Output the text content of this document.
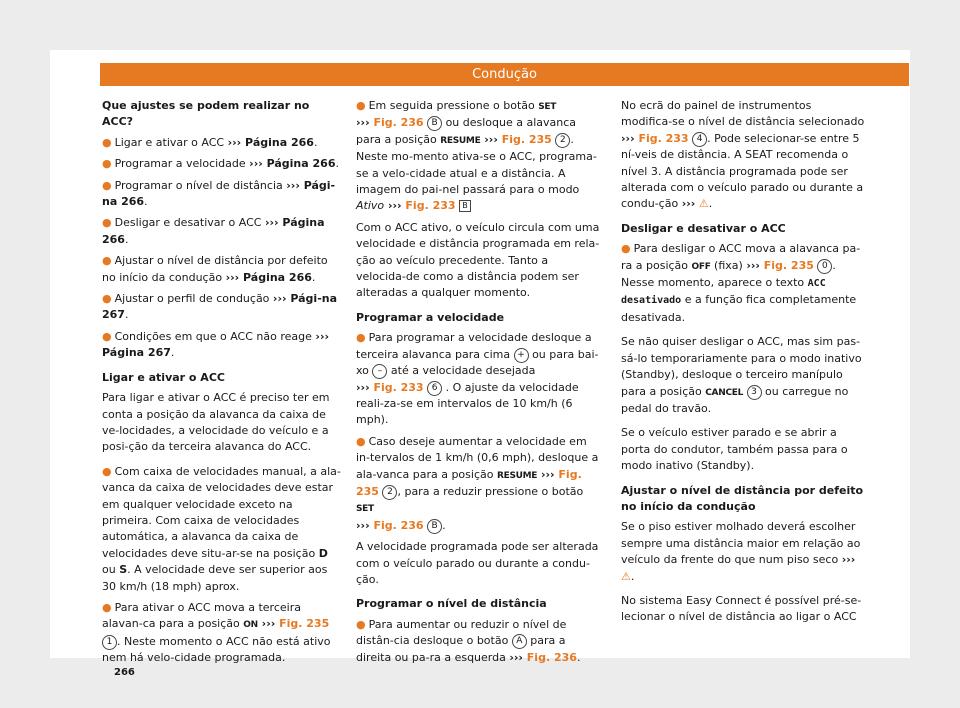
Condução
Que ajustes se podem realizar no ACC?
● Ligar e ativar o ACC ››› Página 266.
● Programar a velocidade ››› Página 266.
● Programar o nível de distância ››› Pági-na 266.
● Desligar e desativar o ACC ››› Página 266.
● Ajustar o nível de distância por defeito no início da condução ››› Página 266.
● Ajustar o perfil de condução ››› Pági-na 267.
● Condições em que o ACC não reage ››› Página 267.
Ligar e ativar o ACC

Para ligar e ativar o ACC é preciso ter em conta a posição da alavanca da caixa de ve-locidades, a velocidade do veículo e a posi-ção da terceira alavanca do ACC.

● Com caixa de velocidades manual, a ala-vanca da caixa de velocidades deve estar em qualquer velocidade exceto na primeira. Com caixa de velocidades automática, a alavanca da caixa de velocidades deve situ-ar-se na posição D ou S. A velocidade deve ser superior aos 30 km/h (18 mph) aprox.
● Para ativar o ACC mova a terceira alavan-ca para a posição ON ››› Fig. 235 1 . Neste momento o ACC não está ativo nem há velo-cidade programada.
● Em seguida pressione o botão SET
››› Fig. 236 B ou desloque a alavanca para a posição RESUME ››› Fig. 235 2 . Neste mo-mento ativa-se o ACC, programa-se a velo-cidade atual e a distância. A imagem do pai-nel passará para o modo Ativo ››› Fig. 233 B

Com o ACC ativo, o veículo circula com uma velocidade e distância programada em rela-ção ao veículo precedente. Tanto a velocida-de como a distância podem ser alteradas a qualquer momento.

Programar a velocidade
● Para programar a velocidade desloque a terceira alavanca para cima + ou para bai-xo – até a velocidade desejada
››› Fig. 233 6 . O ajuste da velocidade reali-za-se em intervalos de 10 km/h (6 mph).
● Caso deseje aumentar a velocidade em in-tervalos de 1 km/h (0,6 mph), desloque a ala-vanca para a posição RESUME ››› Fig. 235 2 , para a reduzir pressione o botão SET
››› Fig. 236 B .

A velocidade programada pode ser alterada com o veículo parado ou durante a condu-ção.

Programar o nível de distância
● Para aumentar ou reduzir o nível de distân-cia desloque o botão A para a direita ou pa-ra a esquerda ››› Fig. 236.

No ecrã do painel de instrumentos modifica-se o nível de distância selecionado
››› Fig. 233 4 . Pode selecionar-se entre 5 ní-veis de distância. A SEAT recomenda o nível 3. A distância programada pode ser alterada com o veículo parado ou durante a condu-ção ››› ⚠.

Desligar e desativar o ACC
● Para desligar o ACC mova a alavanca pa-ra a posição OFF (fixa) ››› Fig. 235 0 . Nesse momento, aparece o texto ACC desativado e a função fica completamente desativada.

Se não quiser desligar o ACC, mas sim pas-sá-lo temporariamente para o modo inativo (Standby), desloque o terceiro manípulo para a posição CANCEL 3 ou carregue no pedal do travão.

Se o veículo estiver parado e se abrir a porta do condutor, também passa para o modo inativo (Standby).

Ajustar o nível de distância por defeito no início da condução

Se o piso estiver molhado deverá escolher sempre uma distância maior em relação ao veículo da frente do que num piso seco ››› ⚠.

No sistema Easy Connect é possível pré-se-lecionar o nível de distância ao ligar o ACC

266
